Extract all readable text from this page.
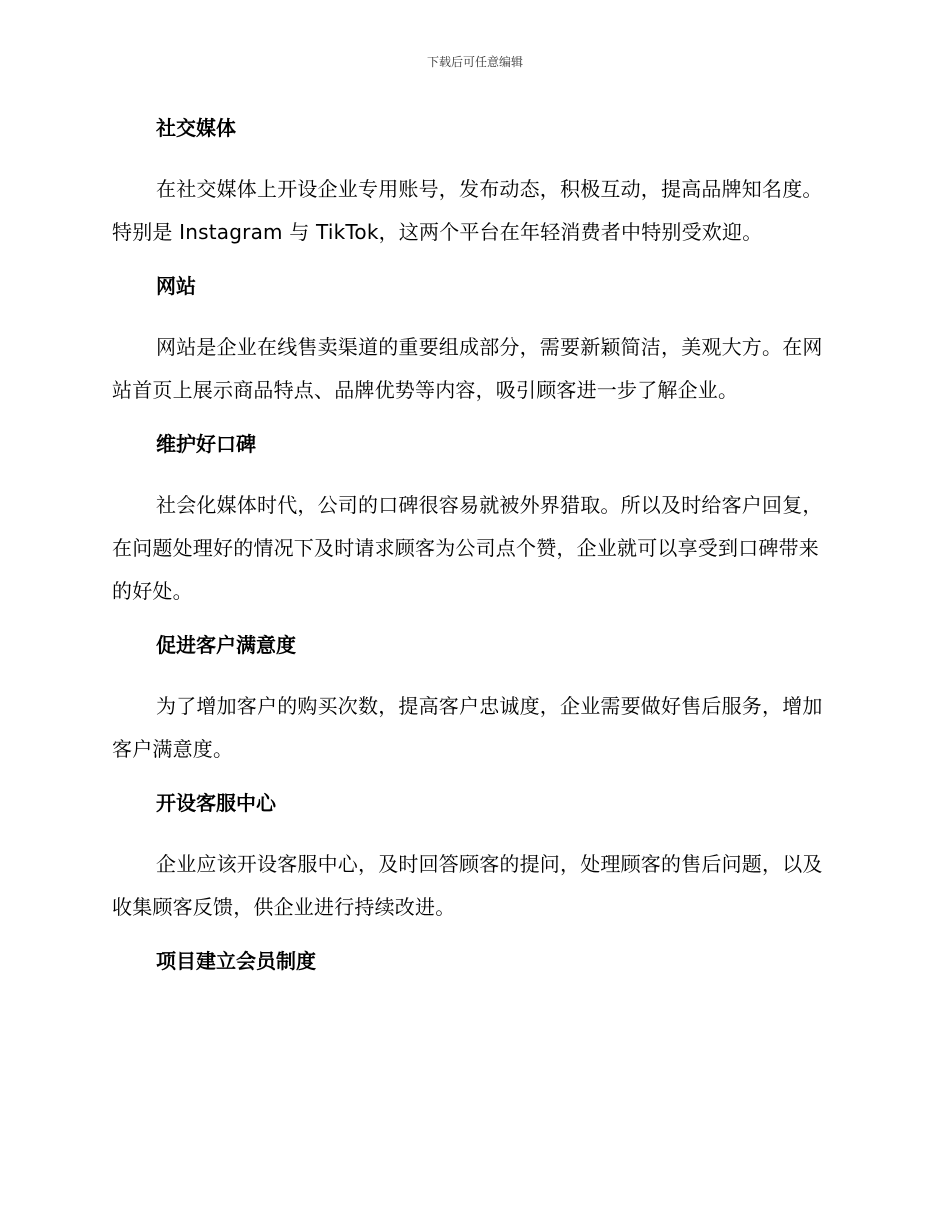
下载后可任意编辑

社交媒体

在社交媒体上开设企业专用账号，发布动态，积极互动，提高品牌知名度。特别是 Instagram 与 TikTok，这两个平台在年轻消费者中特别受欢迎。

网站

网站是企业在线售卖渠道的重要组成部分，需要新颖简洁，美观大方。在网站首页上展示商品特点、品牌优势等内容，吸引顾客进一步了解企业。

维护好口碑

社会化媒体时代，公司的口碑很容易就被外界猎取。所以及时给客户回复，在问题处理好的情况下及时请求顾客为公司点个赞，企业就可以享受到口碑带来的好处。

促进客户满意度

为了增加客户的购买次数，提高客户忠诚度，企业需要做好售后服务，增加客户满意度。

开设客服中心

企业应该开设客服中心，及时回答顾客的提问，处理顾客的售后问题，以及收集顾客反馈，供企业进行持续改进。

项目建立会员制度
